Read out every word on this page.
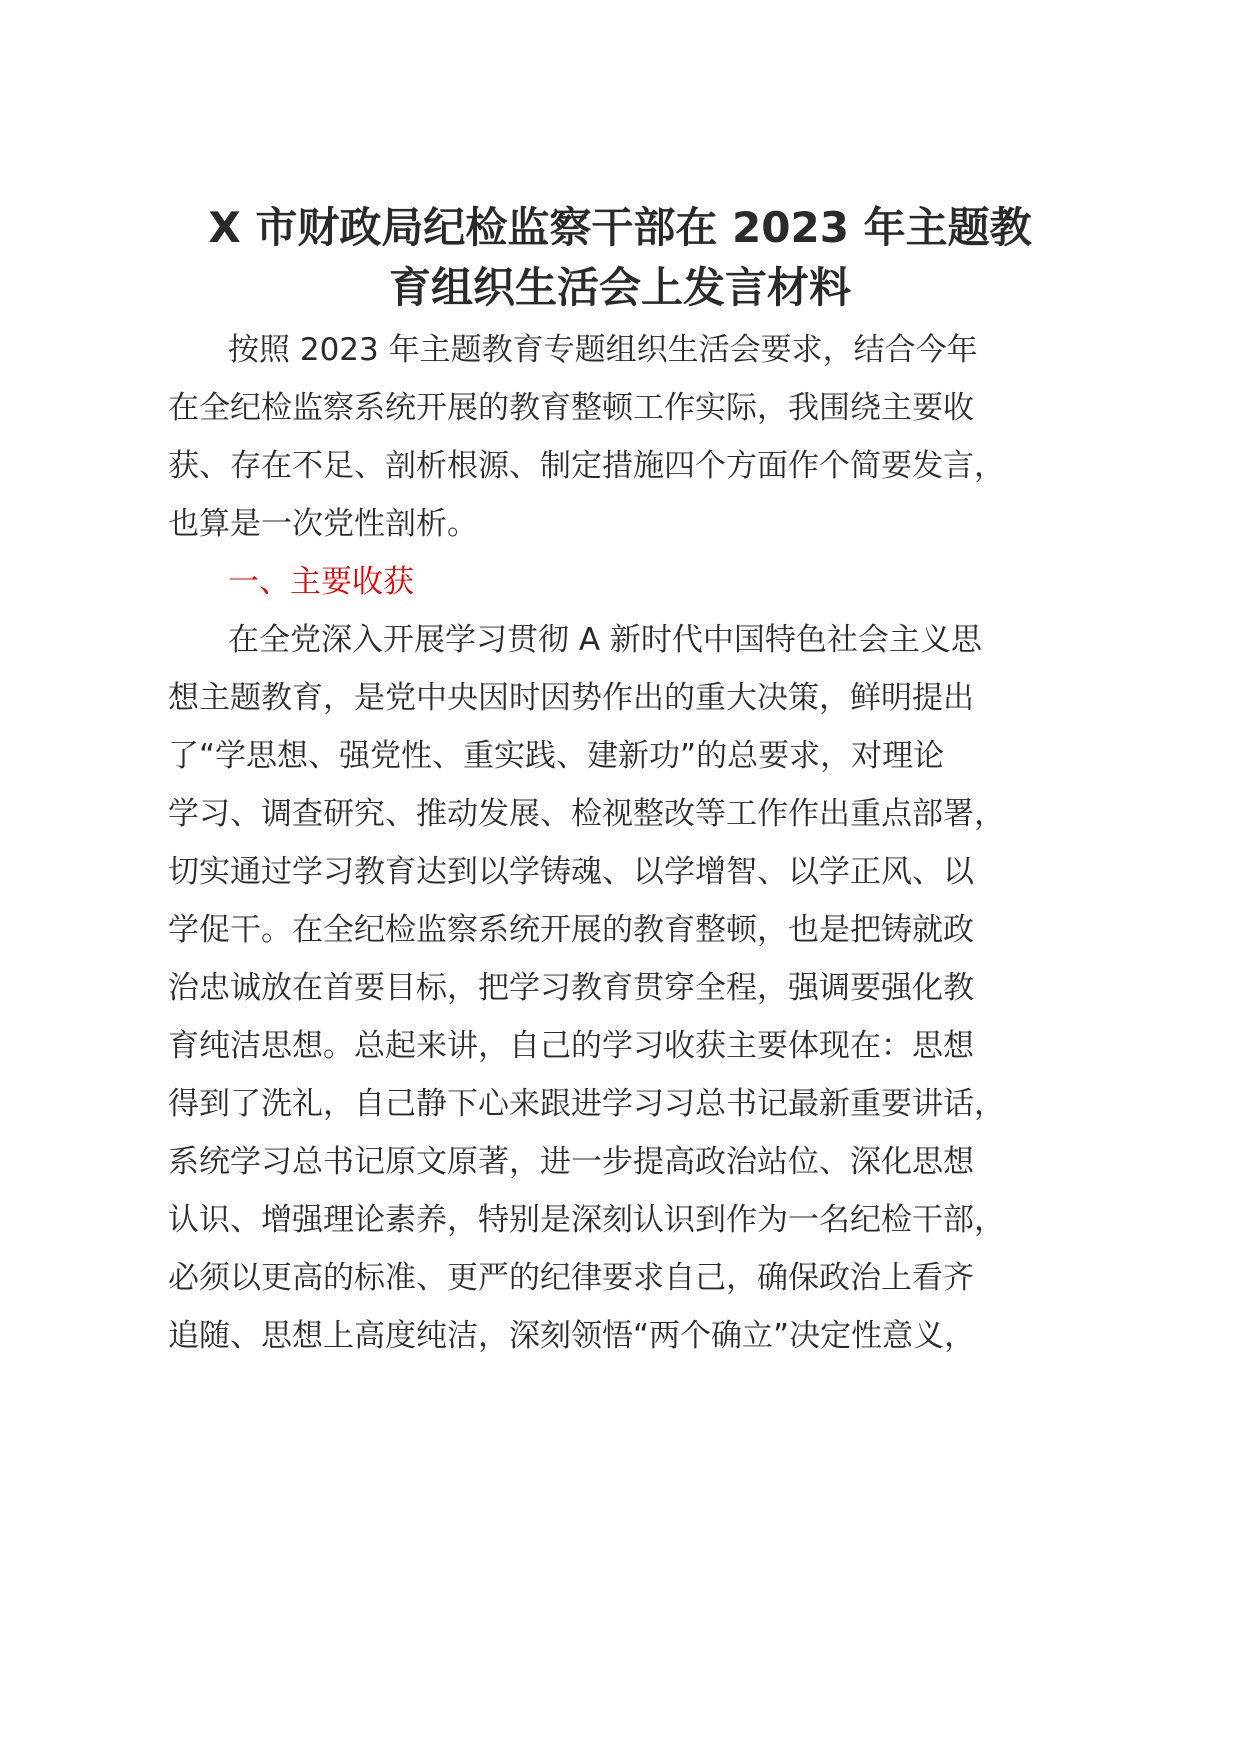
X 市财政局纪检监察干部在 2023 年主题教
育组织生活会上发言材料
按照 2023 年主题教育专题组织生活会要求，结合今年
在全纪检监察系统开展的教育整顿工作实际，我围绕主要收
获、存在不足、剖析根源、制定措施四个方面作个简要发言，
也算是一次党性剖析。
一、主要收获
在全党深入开展学习贯彻 A 新时代中国特色社会主义思
想主题教育，是党中央因时因势作出的重大决策，鲜明提出
了“学思想、强党性、重实践、建新功”的总要求，对理论
学习、调查研究、推动发展、检视整改等工作作出重点部署，
切实通过学习教育达到以学铸魂、以学增智、以学正风、以
学促干。在全纪检监察系统开展的教育整顿，也是把铸就政
治忠诚放在首要目标，把学习教育贯穿全程，强调要强化教
育纯洁思想。总起来讲，自己的学习收获主要体现在：思想
得到了洗礼，自己静下心来跟进学习习总书记最新重要讲话，
系统学习总书记原文原著，进一步提高政治站位、深化思想
认识、增强理论素养，特别是深刻认识到作为一名纪检干部，
必须以更高的标准、更严的纪律要求自己，确保政治上看齐
追随、思想上高度纯洁，深刻领悟“两个确立”决定性意义，
